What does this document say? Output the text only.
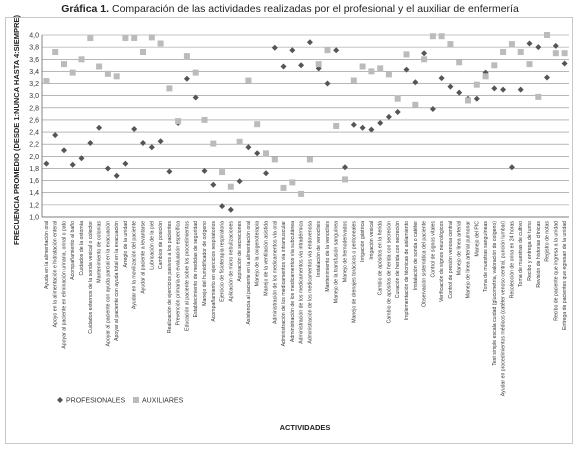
Gráfica 1. Comparación de las actividades realizadas por el profesional y el auxiliar de enfermería
1,0
1,2
1,4
1,6
1,8
2,0
2,2
2,4
2,6
2,8
3,0
3,2
3,4
3,6
3,8
4,0
Ayuda en la alimentación oral Apoyo en la alimentación e hidratación enteral Apoyar al paciente en eliminación urinaria, orinal o pato Acompañamiento al baño Cuidados de la ostomía Cuidados externos de la sonda vesical o colector Mantenimiento de colonias Apoyar al paciente con ayuda parcial en la evacuación Apoyar al paciente con ayuda total en la evacuación Arreglo de la unidad Ayudar en la movilización del paciente Ayudar al paciente a levantarse Lubricación de la piel Cambios de posición Realización de ejercicios pasivos a los pacientes Prevención primaria en evaluación específica Educación al paciente sobre los procedimientos Establecimiento de medidas de seguridad Manejo del humidificador de oxígeno Acompañamiento en ejercicios respiratorios Ejercicio de fisioterapia respiratoria Aplicación de micro nebulizaciones Aspiración de secreciones Asistencia al paciente en la alimentación oral Manejo de la oxigenoterapia Manejo de la ventilación asistida Administración de los medicamentos vía oral Administración de los medicamentos vía intramuscular Administración de los medicamentos vía subcutánea Administración de los medicamentos vía intradérmica Administración de los medicamentos vía endovenosa Instalación de venoclisis Mantenimiento de la venoclisis Manejo de la transfusión sanguínea Manejo de hemoderivados Manejo de drenajes torácicos o peritoneales Irrigación gástrica Irrigación vesical Cambio de apósitos en la herida Cambio de apósitos de herida con secreción Curación de herida con secreción Implementación de técnicas de aislamiento Instalación de sonda o catéter Observación sistemática del paciente Control de signos vitales Verificación de signos neurológicos Control de presión venosa central Manejo de línea arterial Manejo de línea arterial pulmonar Manejo del PIC Toma de muestras sanguíneas Test simple escala cuidad (glucometría, valoración de oxígeno) Ayudar en procedimientos médicos (catéter venoso central, punción lumbar) Recolección de orina en 24 horas Toma de muestras de cultivo Recibo y entrega de turno Revisión de historias clínicas Registro de notas Recibo de paciente que ingresa a la unidad Entrega de pacientes que egresan de la unidad
FRECUENCIA PROMEDIO (DESDE 1:NUNCA HASTA 4:SIEMPRE)
ACTIVIDADES
PROFESIONALES AUXILIARES
